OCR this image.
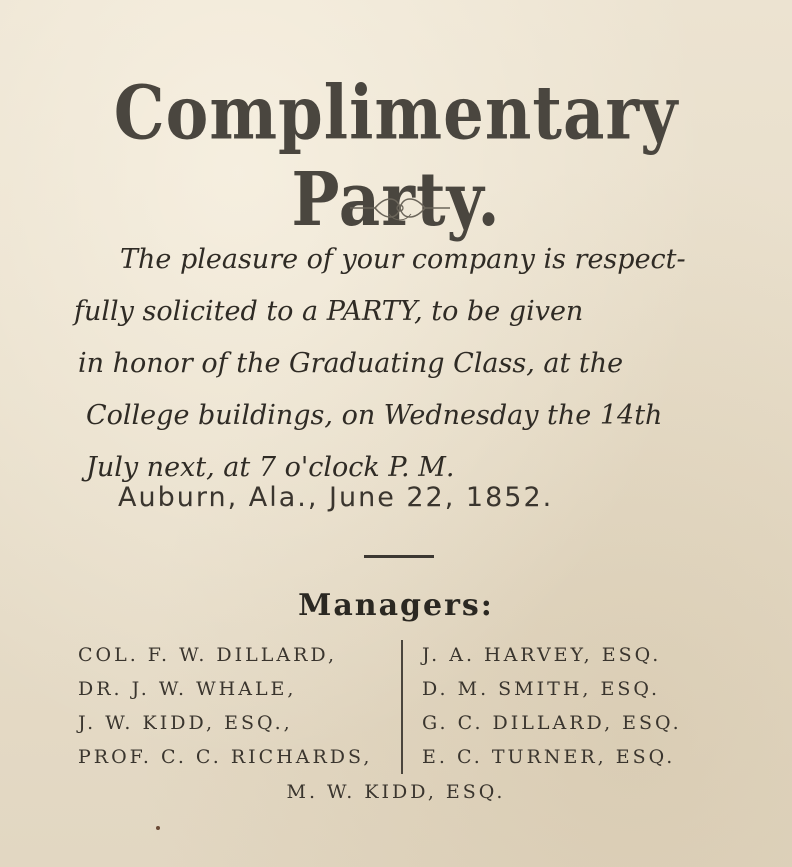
Complimentary Party.
The pleasure of your company is respect-
fully solicited to a PARTY, to be given
in honor of the Graduating Class, at the
College buildings, on Wednesday the 14th
July next, at 7 o'clock P. M.
Auburn, Ala., June 22, 1852.
Managers:
COL. F. W. DILLARD,
DR. J. W. WHALE,
J. W. KIDD, ESQ.,
PROF. C. C. RICHARDS,
J. A. HARVEY, ESQ.
D. M. SMITH, ESQ.
G. C. DILLARD, ESQ.
E. C. TURNER, ESQ.
M. W. KIDD, ESQ.
